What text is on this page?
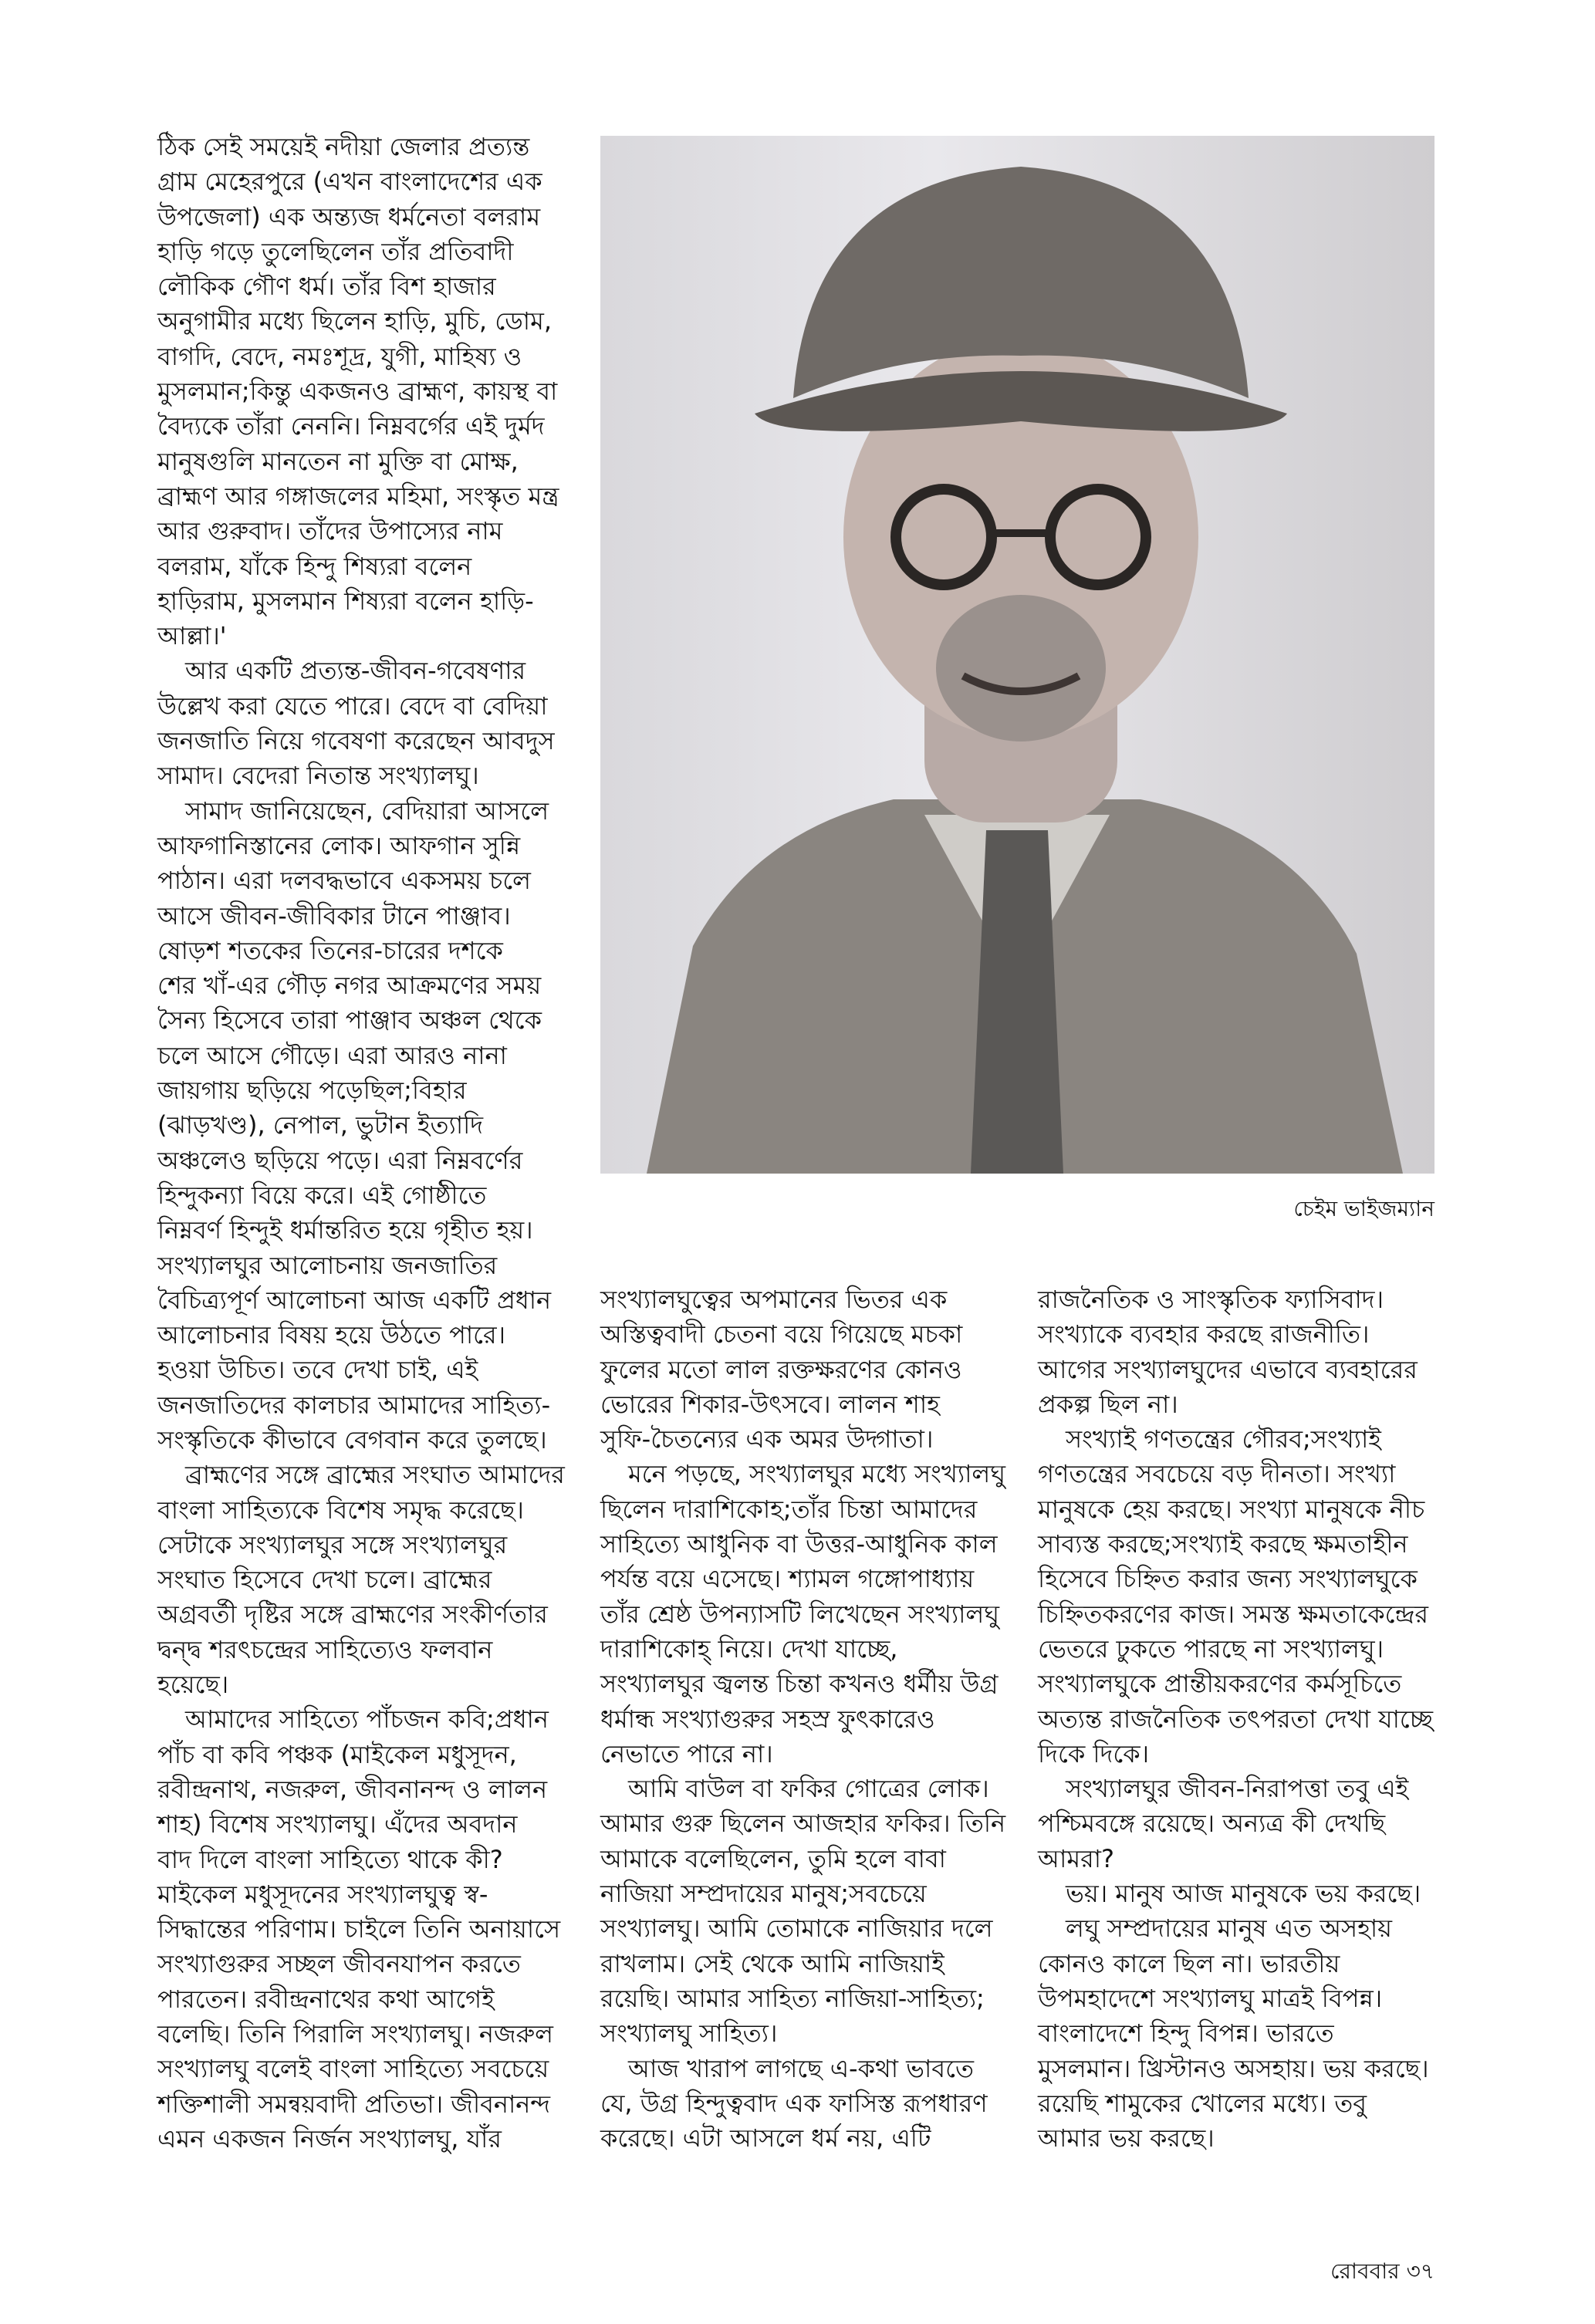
ঠিক সেই সময়েই নদীয়া জেলার প্রত্যন্ত
গ্রাম মেহেরপুরে (এখন বাংলাদেশের এক
উপজেলা) এক অন্ত্যজ ধর্মনেতা বলরাম
হাড়ি গড়ে তুলেছিলেন তাঁর প্রতিবাদী
লৌকিক গৌণ ধর্ম। তাঁর বিশ হাজার
অনুগামীর মধ্যে ছিলেন হাড়ি, মুচি, ডোম,
বাগদি, বেদে, নমঃশূদ্র, যুগী, মাহিষ্য ও
মুসলমান;কিন্তু একজনও ব্রাহ্মণ, কায়স্থ বা
বৈদ্যকে তাঁরা নেননি। নিম্নবর্গের এই দুর্মদ
মানুষগুলি মানতেন না মুক্তি বা মোক্ষ,
ব্রাহ্মণ আর গঙ্গাজলের মহিমা, সংস্কৃত মন্ত্র
আর গুরুবাদ। তাঁদের উপাস্যের নাম
বলরাম, যাঁকে হিন্দু শিষ্যরা বলেন
হাড়িরাম, মুসলমান শিষ্যরা বলেন হাড়ি-
আল্লা।'
আর একটি প্রত্যন্ত-জীবন-গবেষণার
উল্লেখ করা যেতে পারে। বেদে বা বেদিয়া
জনজাতি নিয়ে গবেষণা করেছেন আবদুস
সামাদ। বেদেরা নিতান্ত সংখ্যালঘু।
সামাদ জানিয়েছেন, বেদিয়ারা আসলে
আফগানিস্তানের লোক। আফগান সুন্নি
পাঠান। এরা দলবদ্ধভাবে একসময় চলে
আসে জীবন-জীবিকার টানে পাঞ্জাব।
ষোড়শ শতকের তিনের-চারের দশকে
শের খাঁ-এর গৌড় নগর আক্রমণের সময়
সৈন্য হিসেবে তারা পাঞ্জাব অঞ্চল থেকে
চলে আসে গৌড়ে। এরা আরও নানা
জায়গায় ছড়িয়ে পড়েছিল;বিহার
(ঝাড়খণ্ড), নেপাল, ভুটান ইত্যাদি
অঞ্চলেও ছড়িয়ে পড়ে। এরা নিম্নবর্ণের
হিন্দুকন্যা বিয়ে করে। এই গোষ্ঠীতে
নিম্নবর্ণ হিন্দুই ধর্মান্তরিত হয়ে গৃহীত হয়।
সংখ্যালঘুর আলোচনায় জনজাতির
বৈচিত্র্যপূর্ণ আলোচনা আজ একটি প্রধান
আলোচনার বিষয় হয়ে উঠতে পারে।
হওয়া উচিত। তবে দেখা চাই, এই
জনজাতিদের কালচার আমাদের সাহিত্য-
সংস্কৃতিকে কীভাবে বেগবান করে তুলছে।
ব্রাহ্মণের সঙ্গে ব্রাহ্মের সংঘাত আমাদের
বাংলা সাহিত্যকে বিশেষ সমৃদ্ধ করেছে।
সেটাকে সংখ্যালঘুর সঙ্গে সংখ্যালঘুর
সংঘাত হিসেবে দেখা চলে। ব্রাহ্মের
অগ্রবর্তী দৃষ্টির সঙ্গে ব্রাহ্মণের সংকীর্ণতার
দ্বন্দ্ব শরৎচন্দ্রের সাহিত্যেও ফলবান
হয়েছে।
আমাদের সাহিত্যে পাঁচজন কবি;প্রধান
পাঁচ বা কবি পঞ্চক (মাইকেল মধুসূদন,
রবীন্দ্রনাথ, নজরুল, জীবনানন্দ ও লালন
শাহ) বিশেষ সংখ্যালঘু। এঁদের অবদান
বাদ দিলে বাংলা সাহিত্যে থাকে কী?
মাইকেল মধুসূদনের সংখ্যালঘুত্ব স্ব-
সিদ্ধান্তের পরিণাম। চাইলে তিনি অনায়াসে
সংখ্যাগুরুর সচ্ছল জীবনযাপন করতে
পারতেন। রবীন্দ্রনাথের কথা আগেই
বলেছি। তিনি পিরালি সংখ্যালঘু। নজরুল
সংখ্যালঘু বলেই বাংলা সাহিত্যে সবচেয়ে
শক্তিশালী সমন্বয়বাদী প্রতিভা। জীবনানন্দ
এমন একজন নির্জন সংখ্যালঘু, যাঁর
চেইম ভাইজম্যান
সংখ্যালঘুত্বের অপমানের ভিতর এক
অস্তিত্ববাদী চেতনা বয়ে গিয়েছে মচকা
ফুলের মতো লাল রক্তক্ষরণের কোনও
ভোরের শিকার-উৎসবে। লালন শাহ
সুফি-চৈতন্যের এক অমর উদ্গাতা।
মনে পড়ছে, সংখ্যালঘুর মধ্যে সংখ্যালঘু
ছিলেন দারাশিকোহ;তাঁর চিন্তা আমাদের
সাহিত্যে আধুনিক বা উত্তর-আধুনিক কাল
পর্যন্ত বয়ে এসেছে। শ্যামল গঙ্গোপাধ্যায়
তাঁর শ্রেষ্ঠ উপন্যাসটি লিখেছেন সংখ্যালঘু
দারাশিকোহ্ নিয়ে। দেখা যাচ্ছে,
সংখ্যালঘুর জ্বলন্ত চিন্তা কখনও ধর্মীয় উগ্র
ধর্মান্ধ সংখ্যাগুরুর সহস্র ফুৎকারেও
নেভাতে পারে না।
আমি বাউল বা ফকির গোত্রের লোক।
আমার গুরু ছিলেন আজহার ফকির। তিনি
আমাকে বলেছিলেন, তুমি হলে বাবা
নাজিয়া সম্প্রদায়ের মানুষ;সবচেয়ে
সংখ্যালঘু। আমি তোমাকে নাজিয়ার দলে
রাখলাম। সেই থেকে আমি নাজিয়াই
রয়েছি। আমার সাহিত্য নাজিয়া-সাহিত্য;
সংখ্যালঘু সাহিত্য।
আজ খারাপ লাগছে এ-কথা ভাবতে
যে, উগ্র হিন্দুত্ববাদ এক ফাসিস্ত রূপধারণ
করেছে। এটা আসলে ধর্ম নয়, এটি
রাজনৈতিক ও সাংস্কৃতিক ফ্যাসিবাদ।
সংখ্যাকে ব্যবহার করছে রাজনীতি।
আগের সংখ্যালঘুদের এভাবে ব্যবহারের
প্রকল্প ছিল না।
সংখ্যাই গণতন্ত্রের গৌরব;সংখ্যাই
গণতন্ত্রের সবচেয়ে বড় দীনতা। সংখ্যা
মানুষকে হেয় করছে। সংখ্যা মানুষকে নীচ
সাব্যস্ত করছে;সংখ্যাই করছে ক্ষমতাহীন
হিসেবে চিহ্নিত করার জন্য সংখ্যালঘুকে
চিহ্নিতকরণের কাজ। সমস্ত ক্ষমতাকেন্দ্রের
ভেতরে ঢুকতে পারছে না সংখ্যালঘু।
সংখ্যালঘুকে প্রান্তীয়করণের কর্মসূচিতে
অত্যন্ত রাজনৈতিক তৎপরতা দেখা যাচ্ছে
দিকে দিকে।
সংখ্যালঘুর জীবন-নিরাপত্তা তবু এই
পশ্চিমবঙ্গে রয়েছে। অন্যত্র কী দেখছি
আমরা?
ভয়। মানুষ আজ মানুষকে ভয় করছে।
লঘু সম্প্রদায়ের মানুষ এত অসহায়
কোনও কালে ছিল না। ভারতীয়
উপমহাদেশে সংখ্যালঘু মাত্রই বিপন্ন।
বাংলাদেশে হিন্দু বিপন্ন। ভারতে
মুসলমান। খ্রিস্টানও অসহায়। ভয় করছে।
রয়েছি শামুকের খোলের মধ্যে। তবু
আমার ভয় করছে।
রোববার ৩৭
